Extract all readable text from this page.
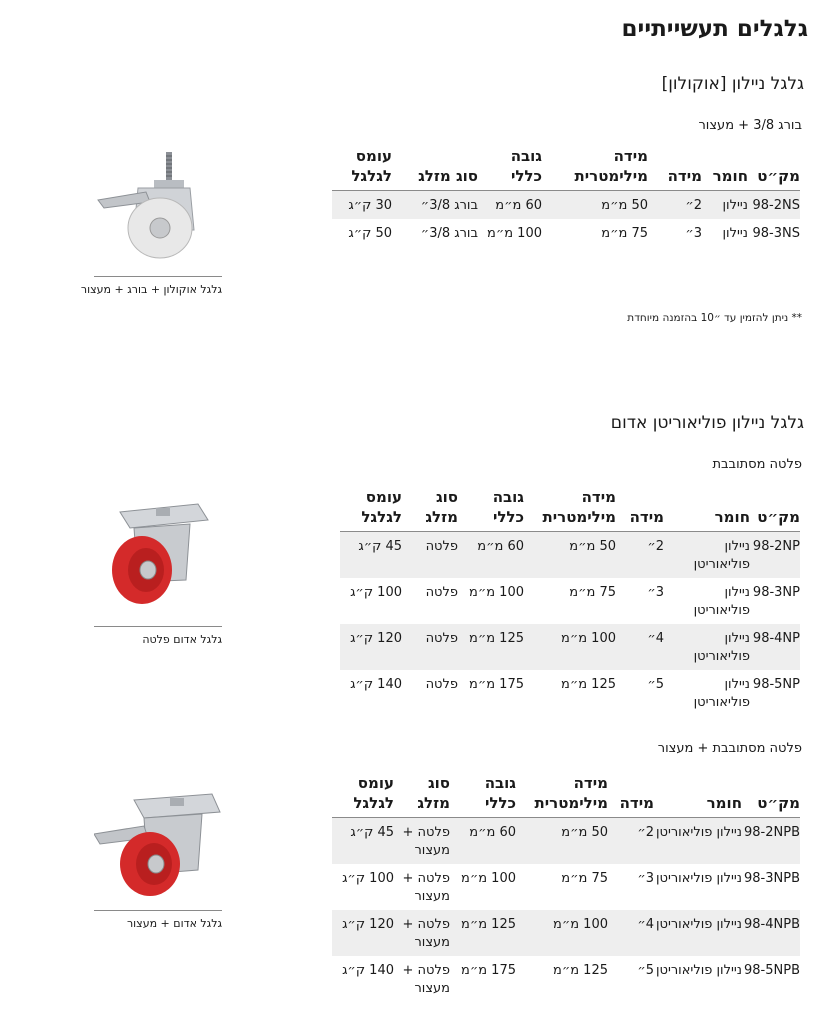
גלגלים תעשייתיים
גלגל ניילון [אוקולון]
בורג 3/8 + מעצור
מק״ט	חומר	מידה	מידה מילימטרית	גובה כללי	סוג מזלג	עומס לגלגל
98-2NS	ניילון	2״	50 מ״מ	60 מ״מ	בורג 3/8״	30 ק״ג
98-3NS	ניילון	3״	75 מ״מ	100 מ״מ	בורג 3/8״	50 ק״ג
גלגל אוקולון + בורג + מעצור
** ניתן להזמין עד ״10 בהזמנה מיוחדת
גלגל ניילון פוליאוריטן אדום
פלטה מסתובבת
מק״ט	חומר	מידה	מידה מילימטרית	גובה כללי	סוג מזלג	עומס לגלגל
98-2NP	ניילון פוליאוריטן	2״	50 מ״מ	60 מ״מ	פלטה	45 ק״ג
98-3NP	ניילון פוליאוריטן	3״	75 מ״מ	100 מ״מ	פלטה	100 ק״ג
98-4NP	ניילון פוליאוריטן	4״	100 מ״מ	125 מ״מ	פלטה	120 ק״ג
98-5NP	ניילון פוליאוריטן	5״	125 מ״מ	175 מ״מ	פלטה	140 ק״ג
גלגל אדום פלטה
פלטה מסתובבת + מעצור
מק״ט	חומר	מידה	מידה מילימטרית	גובה כללי	סוג מזלג	עומס לגלגל
98-2NPB	ניילון פוליאוריטן	2״	50 מ״מ	60 מ״מ	פלטה + מעצור	45 ק״ג
98-3NPB	ניילון פוליאוריטן	3״	75 מ״מ	100 מ״מ	פלטה + מעצור	100 ק״ג
98-4NPB	ניילון פוליאוריטן	4״	100 מ״מ	125 מ״מ	פלטה + מעצור	120 ק״ג
98-5NPB	ניילון פוליאוריטן	5״	125 מ״מ	175 מ״מ	פלטה + מעצור	140 ק״ג
גלגל אדום + מעצור
